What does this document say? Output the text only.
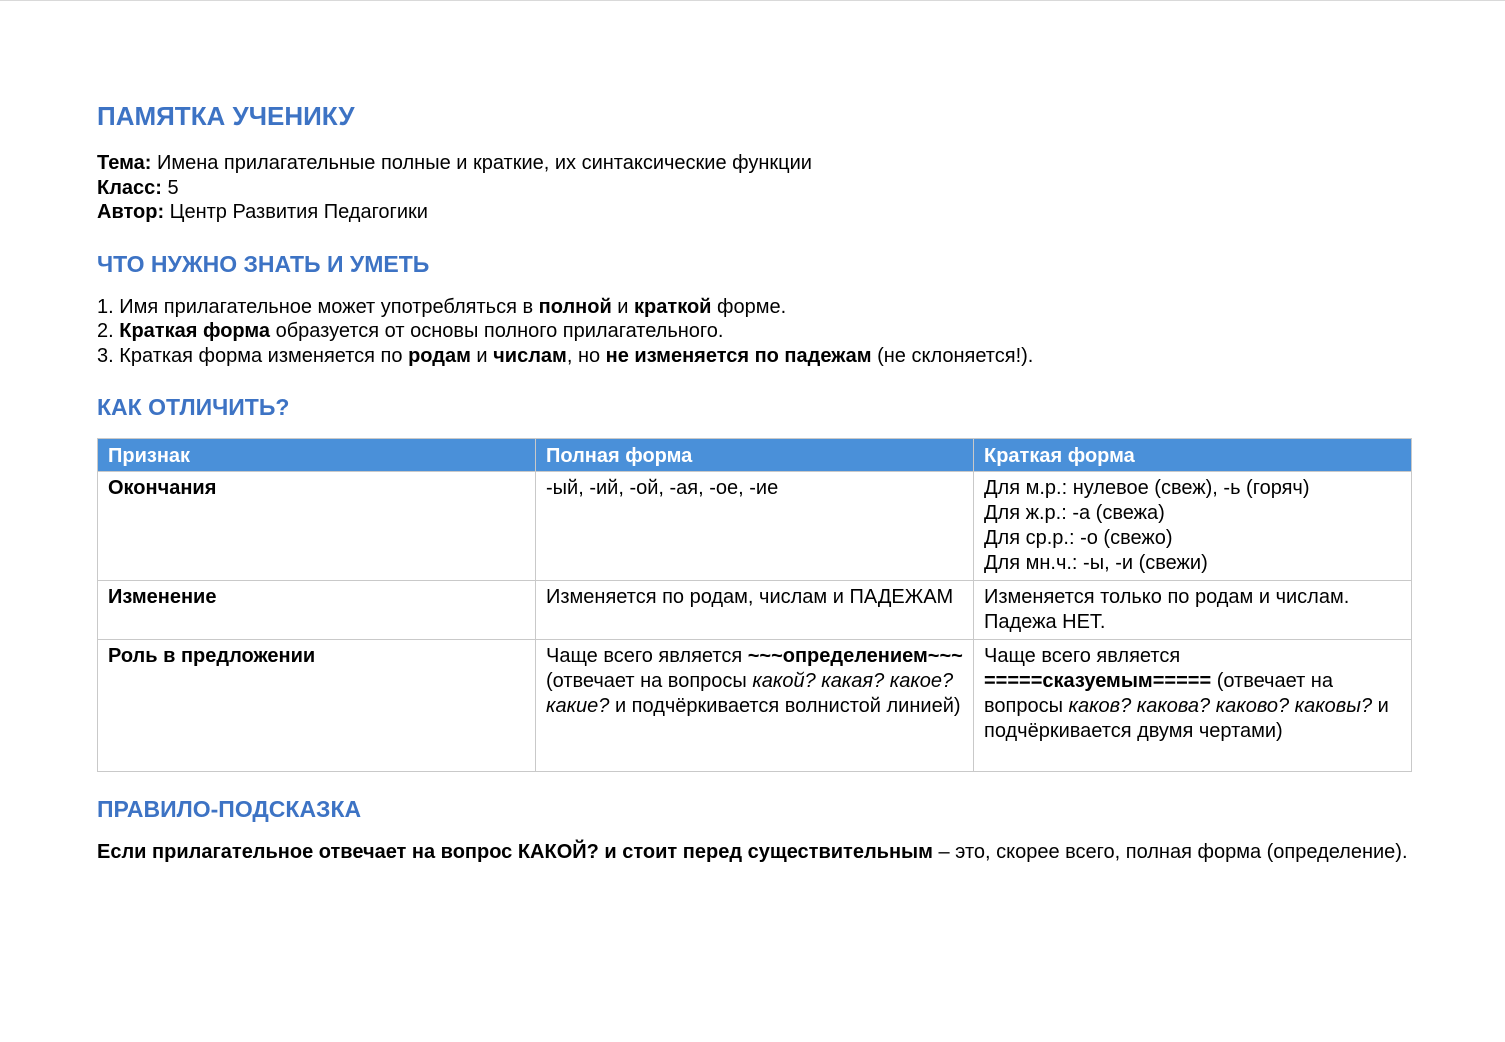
ПАМЯТКА УЧЕНИКУ
Тема: Имена прилагательные полные и краткие, их синтаксические функции
Класс: 5
Автор: Центр Развития Педагогики
ЧТО НУЖНО ЗНАТЬ И УМЕТЬ
1. Имя прилагательное может употребляться в полной и краткой форме.
2. Краткая форма образуется от основы полного прилагательного.
3. Краткая форма изменяется по родам и числам, но не изменяется по падежам (не склоняется!).
КАК ОТЛИЧИТЬ?
Признак	Полная форма	Краткая форма
Окончания	-ый, -ий, -ой, -ая, -ое, -ие	Для м.р.: нулевое (свеж), -ь (горяч)
Для ж.р.: -а (свежа)
Для ср.р.: -о (свежо)
Для мн.ч.: -ы, -и (свежи)

Изменение	Изменяется по родам, числам и ПАДЕЖАМ	Изменяется только по родам и числам. Падежа НЕТ.
Роль в предложении	Чаще всего является ~~~определением~~~ (отвечает на вопросы какой? какая? какое? какие? и подчёркивается волнистой линией)	Чаще всего является =====сказуемым===== (отвечает на вопросы каков? какова? каково? каковы? и подчёркивается двумя чертами)
ПРАВИЛО-ПОДСКАЗКА
Если прилагательное отвечает на вопрос КАКОЙ? и стоит перед существительным – это, скорее всего, полная форма (определение).
